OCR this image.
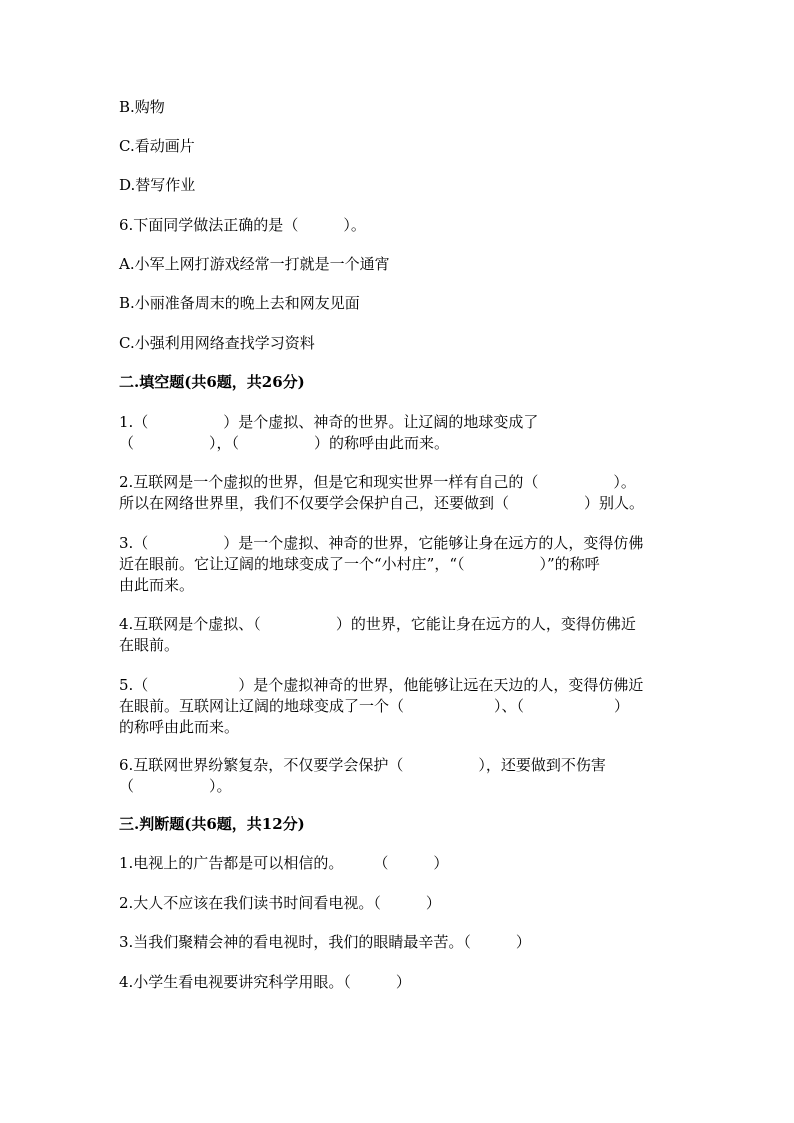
B.购物
C.看动画片
D.替写作业
6.下面同学做法正确的是（　　　）。
A.小军上网打游戏经常一打就是一个通宵
B.小丽准备周末的晚上去和网友见面
C.小强利用网络查找学习资料
二.填空题(共6题，共26分)
1.（　　　　　）是个虚拟、神奇的世界。让辽阔的地球变成了
（　　　　　），（　　　　　）的称呼由此而来。
2.互联网是一个虚拟的世界，但是它和现实世界一样有自己的（　　　　　）。
所以在网络世界里，我们不仅要学会保护自己，还要做到（　　　　　）别人。
3.（　　　　　）是一个虚拟、神奇的世界，它能够让身在远方的人，变得仿佛
近在眼前。它让辽阔的地球变成了一个“小村庄”，“（　　　　　）”的称呼
由此而来。
4.互联网是个虚拟、（　　　　　）的世界，它能让身在远方的人，变得仿佛近
在眼前。
5.（　　　　　　）是个虚拟神奇的世界，他能够让远在天边的人，变得仿佛近
在眼前。互联网让辽阔的地球变成了一个（　　　　　　）、（　　　　　　）
的称呼由此而来。
6.互联网世界纷繁复杂，不仅要学会保护（　　　　　），还要做到不伤害
（　　　　　）。
三.判断题(共6题，共12分)
1.电视上的广告都是可以相信的。　　　（　　　）
2.大人不应该在我们读书时间看电视。（　　　）
3.当我们聚精会神的看电视时，我们的眼睛最辛苦。（　　　）
4.小学生看电视要讲究科学用眼。（　　　）
